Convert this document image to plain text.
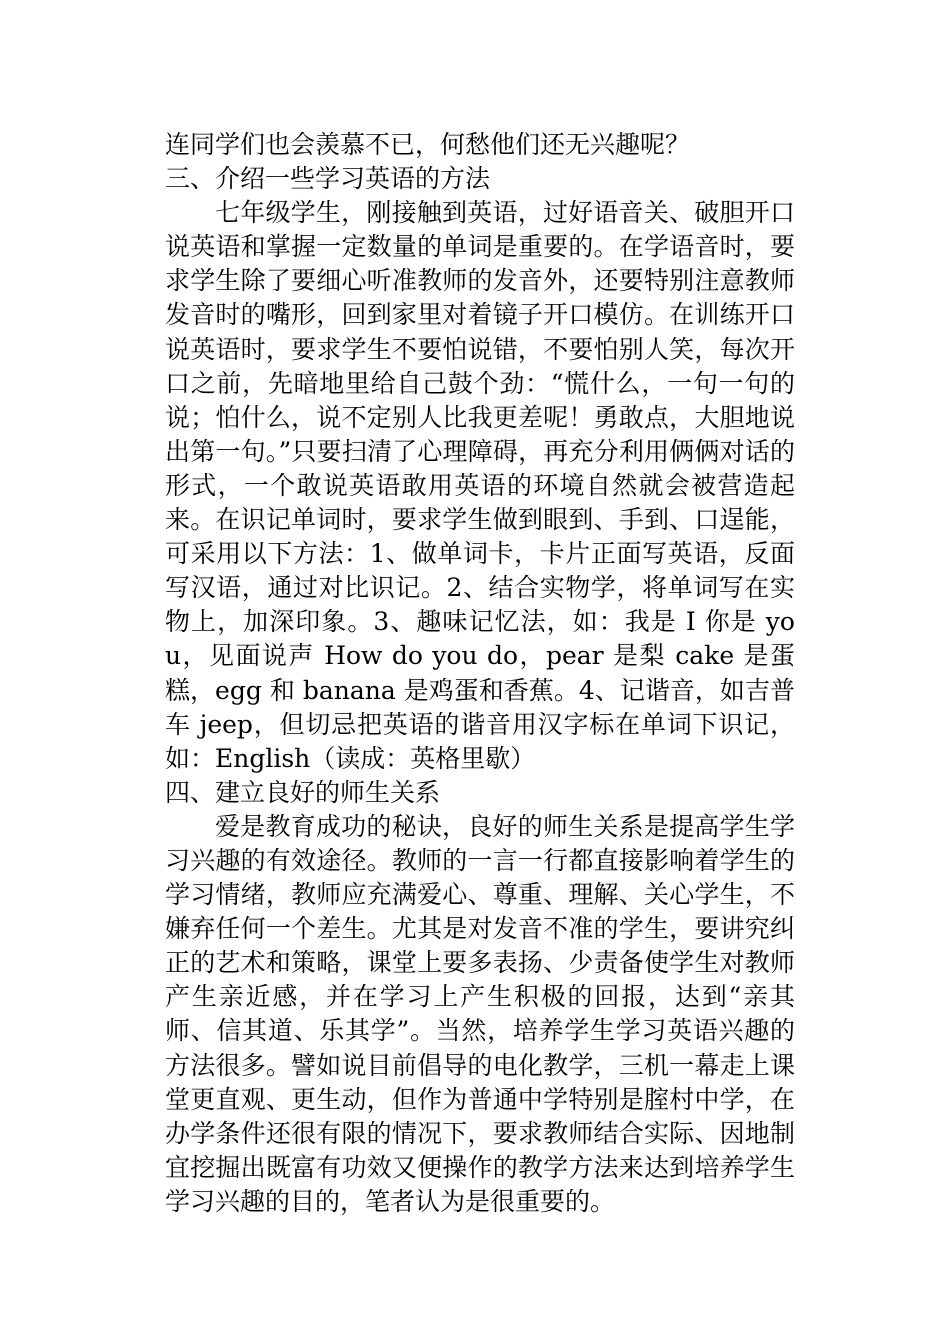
连同学们也会羡慕不已，何愁他们还无兴趣呢？

三、介绍一些学习英语的方法

七年级学生，刚接触到英语，过好语音关、破胆开口说英语和掌握一定数量的单词是重要的。在学语音时，要求学生除了要细心听准教师的发音外，还要特别注意教师发音时的嘴形，回到家里对着镜子开口模仿。在训练开口说英语时，要求学生不要怕说错，不要怕别人笑，每次开口之前，先暗地里给自己鼓个劲：“慌什么，一句一句的说；怕什么，说不定别人比我更差呢！勇敢点，大胆地说出第一句。”只要扫清了心理障碍，再充分利用俩俩对话的形式，一个敢说英语敢用英语的环境自然就会被营造起来。在识记单词时，要求学生做到眼到、手到、口逞能，可采用以下方法：1、做单词卡，卡片正面写英语，反面写汉语，通过对比识记。2、结合实物学，将单词写在实物上，加深印象。3、趣味记忆法，如：我是 I 你是 you，见面说声 How do you do，pear 是梨 cake 是蛋糕，egg 和 banana 是鸡蛋和香蕉。4、记谐音，如吉普车 jeep，但切忌把英语的谐音用汉字标在单词下识记，如：English（读成：英格里歇）

四、建立良好的师生关系

爱是教育成功的秘诀，良好的师生关系是提高学生学习兴趣的有效途径。教师的一言一行都直接影响着学生的学习情绪，教师应充满爱心、尊重、理解、关心学生，不嫌弃任何一个差生。尤其是对发音不准的学生，要讲究纠正的艺术和策略，课堂上要多表扬、少责备使学生对教师产生亲近感，并在学习上产生积极的回报，达到“亲其师、信其道、乐其学”。当然，培养学生学习英语兴趣的方法很多。譬如说目前倡导的电化教学，三机一幕走上课堂更直观、更生动，但作为普通中学特别是腟村中学，在办学条件还很有限的情况下，要求教师结合实际、因地制宜挖掘出既富有功效又便操作的教学方法来达到培养学生学习兴趣的目的，笔者认为是很重要的。
